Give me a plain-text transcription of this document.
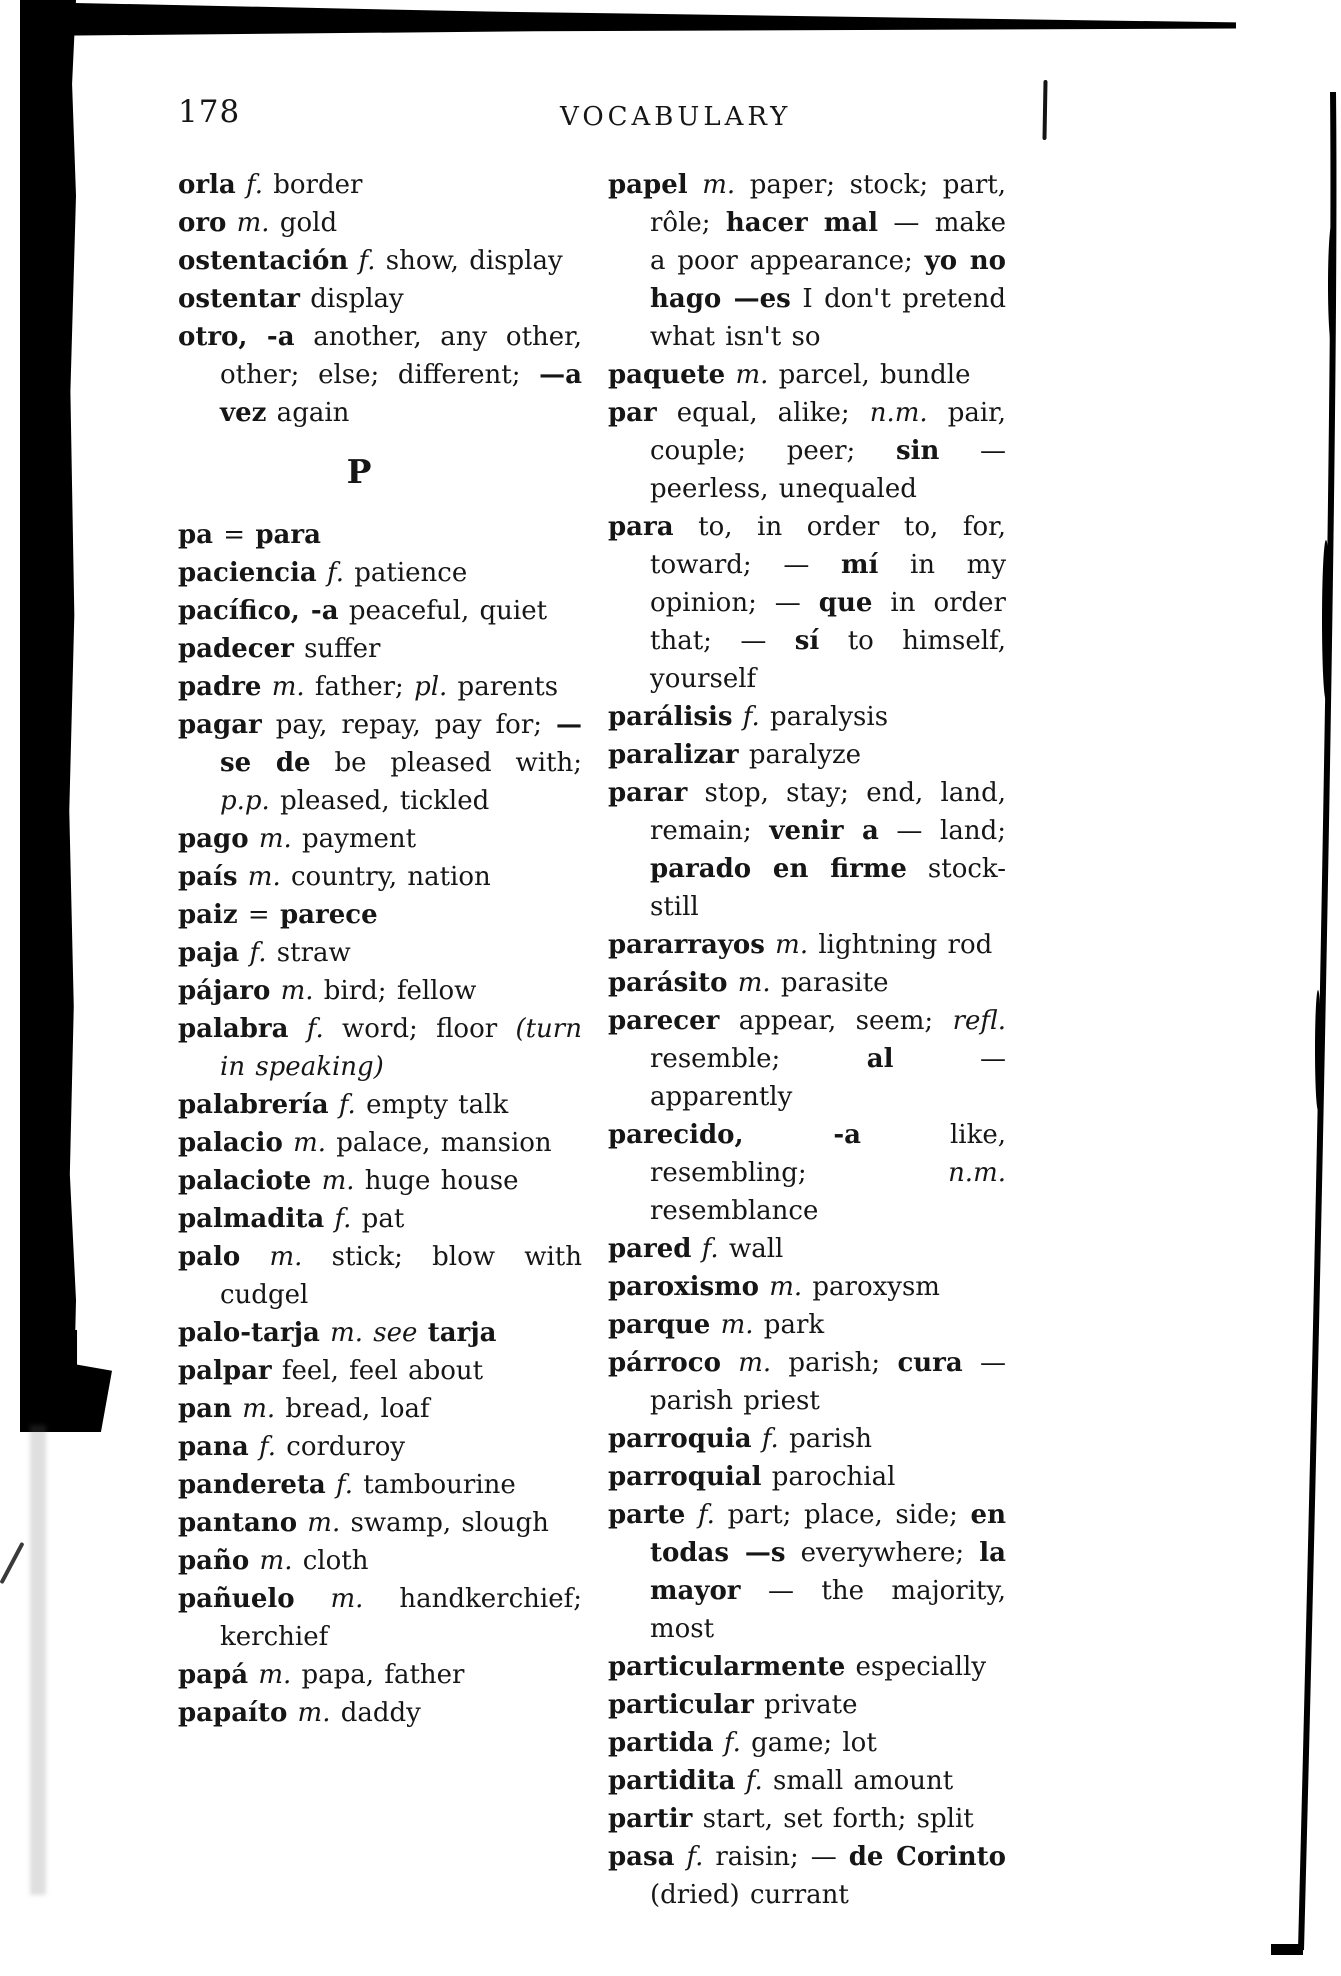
178	VOCABULARY

orla f. border

oro m. gold

ostentación f. show, display

ostentar display

otro, -a another, any other, other; else; different; —a vez again

P

pa = para

paciencia f. patience

pacífico, -a peaceful, quiet

padecer suffer

padre m. father; pl. parents

pagar pay, repay, pay for; —se de be pleased with; p.p. pleased, tickled

pago m. payment

país m. country, nation

paiz = parece

paja f. straw

pájaro m. bird; fellow

palabra f. word; floor (turn in speaking)

palabrería f. empty talk

palacio m. palace, mansion

palaciote m. huge house

palmadita f. pat

palo m. stick; blow with cudgel

palo-tarja m. see tarja

palpar feel, feel about

pan m. bread, loaf

pana f. corduroy

pandereta f. tambourine

pantano m. swamp, slough

paño m. cloth

pañuelo m. handkerchief; kerchief

papá m. papa, father

papaíto m. daddy

papel m. paper; stock; part, rôle; hacer mal — make a poor appearance; yo no hago —es I don't pretend what isn't so

paquete m. parcel, bundle

par equal, alike; n.m. pair, couple; peer; sin — peerless, unequaled

para to, in order to, for, toward; — mí in my opinion; — que in order that; — sí to himself, yourself

parálisis f. paralysis

paralizar paralyze

parar stop, stay; end, land, remain; venir a — land; parado en firme stock-still

pararrayos m. lightning rod

parásito m. parasite

parecer appear, seem; refl. resemble; al — apparently

parecido, -a like, resembling; n.m. resemblance

pared f. wall

paroxismo m. paroxysm

parque m. park

párroco m. parish; cura — parish priest

parroquia f. parish

parroquial parochial

parte f. part; place, side; en todas —s everywhere; la mayor — the majority, most

particularmente especially

particular private

partida f. game; lot

partidita f. small amount

partir start, set forth; split

pasa f. raisin; — de Corinto (dried) currant
